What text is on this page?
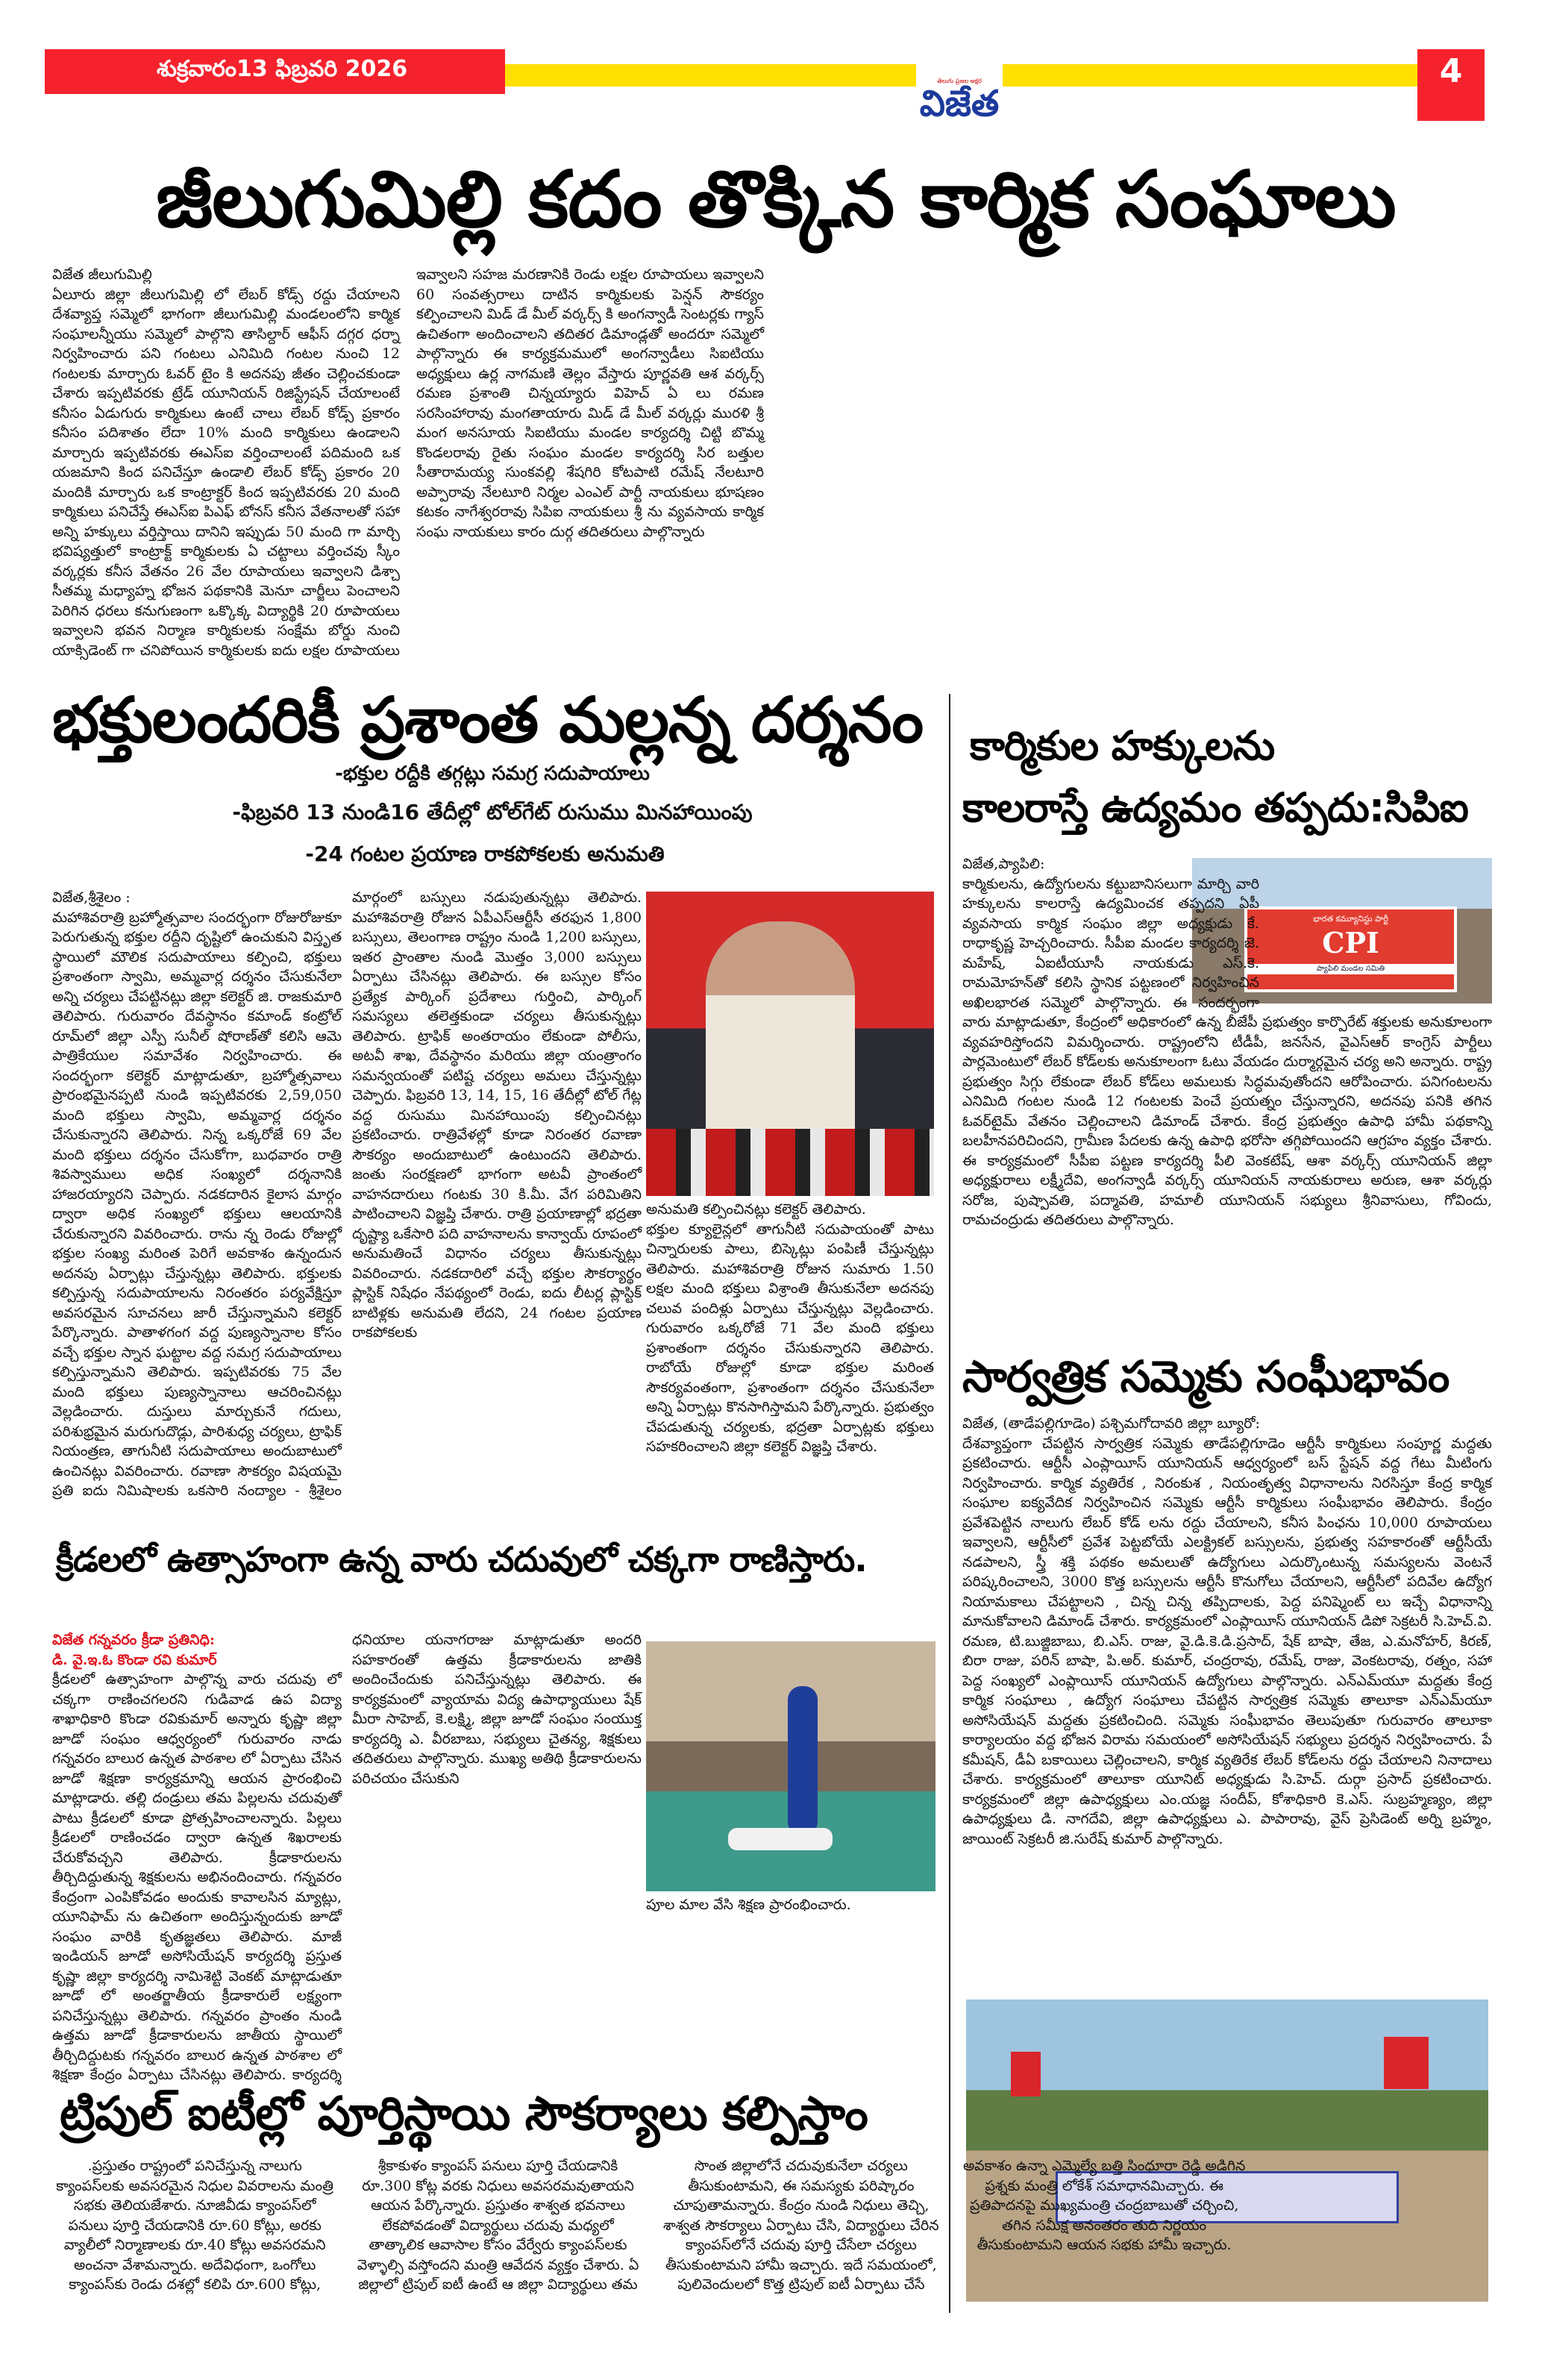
శుక్రవారం13 ఫిబ్రవరి 2026	తెలుగు ప్రజల అక్షర
విజేత
4
జీలుగుమిల్లి కదం తొక్కిన కార్మిక సంఘాలు
విజేత జీలుగుమిల్లి

ఏలూరు జిల్లా జీలుగుమిల్లి లో లేబర్ కోడ్స్ రద్దు చేయాలని దేశవ్యాప్త సమ్మెలో భాగంగా జీలుగుమిల్లి మండలంలోని కార్మిక సంఘాలన్నీయు సమ్మెలో పాల్గొని తాసిల్దార్ ఆఫీస్ దగ్గర ధర్నా నిర్వహించారు పని గంటలు ఎనిమిది గంటల నుంచి 12 గంటలకు మార్చారు ఓవర్ టైం కి అదనపు జీతం చెల్లించకుండా చేశారు ఇప్పటివరకు ట్రేడ్ యూనియన్ రిజిస్ట్రేషన్ చేయాలంటే కనీసం ఏడుగురు కార్మికులు ఉంటే చాలు లేబర్ కోడ్స్ ప్రకారం కనీసం పదిశాతం లేదా 10% మంది కార్మికులు ఉండాలని మార్చారు ఇప్పటివరకు ఈఎస్ఐ వర్తించాలంటే పదిమంది ఒక యజమాని కింద పనిచేస్తూ ఉండాలి లేబర్ కోడ్స్ ప్రకారం 20 మందికి మార్చారు ఒక కాంట్రాక్టర్ కింద ఇప్పటివరకు 20 మంది కార్మికులు పనిచేస్తే ఈఎస్ఐ పిఎఫ్ బోనస్ కనీస వేతనాలతో సహా అన్ని హక్కులు వర్తిస్తాయి దానిని ఇప్పుడు 50 మంది గా మార్చి భవిష్యత్తులో కాంట్రాక్ట్ కార్మికులకు ఏ చట్టాలు వర్తించవు స్కీం వర్కర్లకు కనీస వేతనం 26 వేల రూపాయలు ఇవ్వాలని డిశ్చా సీతమ్మ మధ్యాహ్న భోజన పథకానికి మెనూ చార్జీలు పెంచాలని పెరిగిన ధరలు కనుగుణంగా ఒక్కొక్క విద్యార్థికి 20 రూపాయలు ఇవ్వాలని భవన నిర్మాణ కార్మికులకు సంక్షేమ బోర్డు నుంచి యాక్సిడెంట్ గా చనిపోయిన కార్మికులకు ఐదు లక్షల రూపాయలు ఇవ్వాలని సహజ మరణానికి రెండు లక్షల రూపాయలు ఇవ్వాలని 60 సంవత్సరాలు దాటిన కార్మికులకు పెన్షన్ సౌకర్యం కల్పించాలని మిడ్ డే మీల్ వర్కర్స్ కి అంగన్వాడీ సెంటర్లకు గ్యాస్ ఉచితంగా అందించాలని తదితర డిమాండ్లతో అందరూ సమ్మెలో పాల్గొన్నారు ఈ కార్యక్రమములో అంగన్వాడీలు సిఐటియు అధ్యక్షులు ఉర్ల నాగమణి తెల్లం వేస్తారు పూర్ణవతి ఆశ వర్కర్స్ రమణ ప్రశాంతి చిన్నయ్యారు విహెచ్ ఏ లు రమణ సరసింహారావు మంగతాయారు మిడ్ డే మీల్ వర్కర్లు మురళి శ్రీ మంగ అనసూయ సిఐటియు మండల కార్యదర్శి చిట్టి బొమ్మ కొండలరావు రైతు సంఘం మండల కార్యదర్శి సిర బత్తుల సీతారామయ్య సుంకవల్లి శేషగిరి కోటపాటి రమేష్ నేలటూరి అప్పారావు నేలటూరి నిర్మల ఎంఎల్ పార్టీ నాయకులు భూషణం కటకం నాగేశ్వరరావు సిపిఐ నాయకులు శ్రీ ను వ్యవసాయ కార్మిక సంఘ నాయకులు కారం దుర్గ తదితరులు పాల్గొన్నారు

భక్తులందరికీ ప్రశాంత మల్లన్న దర్శనం
-భక్తుల రద్దీకి తగ్గట్లు సమగ్ర సదుపాయాలు
-ఫిబ్రవరి 13 నుండి16 తేదీల్లో టోల్‌గేట్ రుసుము మినహాయింపు
-24 గంటల ప్రయాణ రాకపోకలకు అనుమతి
విజేత,శ్రీశైలం :

మహాశివరాత్రి బ్రహ్మోత్సవాల సందర్భంగా రోజురోజుకూ పెరుగుతున్న భక్తుల రద్దీని దృష్టిలో ఉంచుకుని విస్తృత స్థాయిలో మౌలిక సదుపాయాలు కల్పించి, భక్తులు ప్రశాంతంగా స్వామి, అమ్మవార్ల దర్శనం చేసుకునేలా అన్ని చర్యలు చేపట్టినట్లు జిల్లా కలెక్టర్ జి. రాజకుమారి తెలిపారు. గురువారం దేవస్థానం కమాండ్ కంట్రోల్ రూమ్‌లో జిల్లా ఎస్పీ సునీల్ షోరాణ్‌తో కలిసి ఆమె పాత్రికేయుల సమావేశం నిర్వహించారు. ఈ సందర్భంగా కలెక్టర్ మాట్లాడుతూ, బ్రహ్మోత్సవాలు ప్రారంభమైనప్పటి నుండి ఇప్పటివరకు 2,59,050 మంది భక్తులు స్వామి, అమ్మవార్ల దర్శనం చేసుకున్నారని తెలిపారు. నిన్న ఒక్కరోజే 69 వేల మంది భక్తులు దర్శనం చేసుకోగా, బుధవారం రాత్రి శివస్వాములు అధిక సంఖ్యలో దర్శనానికి హాజరయ్యారని చెప్పారు. నడకదారిన కైలాస మార్గం ద్వారా అధిక సంఖ్యలో భక్తులు ఆలయానికి చేరుకున్నారని వివరించారు. రాను న్న రెండు రోజుల్లో భక్తుల సంఖ్య మరింత పెరిగే అవకాశం ఉన్నందున అదనపు ఏర్పాట్లు చేస్తున్నట్లు తెలిపారు. భక్తులకు కల్పిస్తున్న సదుపాయాలను నిరంతరం పర్యవేక్షిస్తూ అవసరమైన సూచనలు జారీ చేస్తున్నామని కలెక్టర్ పేర్కొన్నారు. పాతాళగంగ వద్ద పుణ్యస్నానాల కోసం వచ్చే భక్తుల స్నాన ఘట్టాల వద్ద సమగ్ర సదుపాయాలు కల్పిస్తున్నామని తెలిపారు. ఇప్పటివరకు 75 వేల మంది భక్తులు పుణ్యస్నానాలు ఆచరించినట్లు వెల్లడించారు. దుస్తులు మార్చుకునే గదులు, పరిశుభ్రమైన మరుగుదొడ్లు, పారిశుధ్య చర్యలు, ట్రాఫిక్ నియంత్రణ, తాగునీటి సదుపాయాలు అందుబాటులో ఉంచినట్లు వివరించారు. రవాణా సౌకర్యం విషయమై ప్రతి ఐదు నిమిషాలకు ఒకసారి నంద్యాల - శ్రీశైలం మార్గంలో బస్సులు నడుపుతున్నట్లు తెలిపారు. మహాశివరాత్రి రోజున ఏపీఎస్ఆర్టీసీ తరఫున 1,800 బస్సులు, తెలంగాణ రాష్ట్రం నుండి 1,200 బస్సులు, ఇతర ప్రాంతాల నుండి మొత్తం 3,000 బస్సులు ఏర్పాటు చేసినట్లు తెలిపారు. ఈ బస్సుల కోసం ప్రత్యేక పార్కింగ్ ప్రదేశాలు గుర్తించి, పార్కింగ్ సమస్యలు తలెత్తకుండా చర్యలు తీసుకున్నట్లు తెలిపారు. ట్రాఫిక్ అంతరాయం లేకుండా పోలీసు, అటవీ శాఖ, దేవస్థానం మరియు జిల్లా యంత్రాంగం సమన్వయంతో పటిష్ట చర్యలు అమలు చేస్తున్నట్లు చెప్పారు. ఫిబ్రవరి 13, 14, 15, 16 తేదీల్లో టోల్ గేట్ల వద్ద రుసుము మినహాయింపు కల్పించినట్లు ప్రకటించారు. రాత్రివేళల్లో కూడా నిరంతర రవాణా సౌకర్యం అందుబాటులో ఉంటుందని తెలిపారు. జంతు సంరక్షణలో భాగంగా అటవీ ప్రాంతంలో వాహనదారులు గంటకు 30 కి.మీ. వేగ పరిమితిని పాటించాలని విజ్ఞప్తి చేశారు. రాత్రి ప్రయాణాల్లో భద్రతా దృష్ట్యా ఒకేసారి పది వాహనాలను కాన్వాయ్ రూపంలో అనుమతించే విధానం చర్యలు తీసుకున్నట్లు వివరించారు. నడకదారిలో వచ్చే భక్తుల సౌకర్యార్థం ప్లాస్టిక్ నిషేధం నేపథ్యంలో రెండు, ఐదు లీటర్ల ప్లాస్టిక్ బాటిళ్లకు అనుమతి లేదని, 24 గంటల ప్రయాణ రాకపోకలకు

అనుమతి కల్పించినట్లు కలెక్టర్ తెలిపారు.

భక్తుల క్యూలైన్లలో తాగునీటి సదుపాయంతో పాటు చిన్నారులకు పాలు, బిస్కెట్లు పంపిణీ చేస్తున్నట్లు తెలిపారు. మహాశివరాత్రి రోజున సుమారు 1.50 లక్షల మంది భక్తులు విశ్రాంతి తీసుకునేలా అదనపు చలువ పందిళ్లు ఏర్పాటు చేస్తున్నట్లు వెల్లడించారు. గురువారం ఒక్కరోజే 71 వేల మంది భక్తులు ప్రశాంతంగా దర్శనం చేసుకున్నారని తెలిపారు. రాబోయే రోజుల్లో కూడా భక్తుల మరింత సౌకర్యవంతంగా, ప్రశాంతంగా దర్శనం చేసుకునేలా అన్ని ఏర్పాట్లు కొనసాగిస్తామని పేర్కొన్నారు. ప్రభుత్వం చేపడుతున్న చర్యలకు, భద్రతా ఏర్పాట్లకు భక్తులు సహకరించాలని జిల్లా కలెక్టర్ విజ్ఞప్తి చేశారు.

కార్మికుల హక్కులను
కాలరాస్తే ఉద్యమం తప్పదు:సిపిఐ
భారత కమ్యూనిస్టు పార్టీ
CPI
ప్యాపిలి మండల సమితి
విజేత,ప్యాపిలి:

కార్మికులను, ఉద్యోగులను కట్టుబానిసలుగా మార్చి వారి హక్కులను కాలరాస్తే ఉద్యమించక తప్పదని ఏపీ వ్యవసాయ కార్మిక సంఘం జిల్లా అధ్యక్షుడు కే. రాధాకృష్ణ హెచ్చరించారు. సీపీఐ మండల కార్యదర్శి జె. మహేష్, ఏఐటీయూసీ నాయకుడు ఎస్.కె. రామమోహన్‌తో కలిసి స్థానిక పట్టణంలో నిర్వహించిన అఖిలభారత సమ్మెలో పాల్గొన్నారు. ఈ సందర్భంగా వారు మాట్లాడుతూ, కేంద్రంలో అధికారంలో ఉన్న బీజేపీ ప్రభుత్వం కార్పొరేట్ శక్తులకు అనుకూలంగా వ్యవహరిస్తోందని విమర్శించారు. రాష్ట్రంలోని టీడీపీ, జనసేన, వైఎస్ఆర్ కాంగ్రెస్ పార్టీలు పార్లమెంటులో లేబర్ కోడ్‌లకు అనుకూలంగా ఓటు వేయడం దుర్మార్గమైన చర్య అని అన్నారు. రాష్ట్ర ప్రభుత్వం సిగ్గు లేకుండా లేబర్ కోడ్‌లు అమలుకు సిద్ధమవుతోందని ఆరోపించారు. పనిగంటలను ఎనిమిది గంటల నుండి 12 గంటలకు పెంచే ప్రయత్నం చేస్తున్నారని, అదనపు పనికి తగిన ఓవర్‌టైమ్ వేతనం చెల్లించాలని డిమాండ్ చేశారు. కేంద్ర ప్రభుత్వం ఉపాధి హామీ పథకాన్ని బలహీనపరిచిందని, గ్రామీణ పేదలకు ఉన్న ఉపాధి భరోసా తగ్గిపోయిందని ఆగ్రహం వ్యక్తం చేశారు. ఈ కార్యక్రమంలో సీపీఐ పట్టణ కార్యదర్శి పీలి వెంకటేష్, ఆశా వర్కర్స్ యూనియన్ జిల్లా అధ్యక్షురాలు లక్ష్మీదేవి, అంగన్వాడీ వర్కర్స్ యూనియన్ నాయకురాలు అరుణ, ఆశా వర్కర్లు సరోజ, పుష్పావతి, పద్మావతి, హమాలీ యూనియన్ సభ్యులు శ్రీనివాసులు, గోవిందు, రామచంద్రుడు తదితరులు పాల్గొన్నారు.

సార్వత్రిక సమ్మెకు సంఘీభావం
విజేత, (తాడేపల్లిగూడెం) పశ్చిమగోదావరి జిల్లా బ్యూరో:

దేశవ్యాప్తంగా చేపట్టిన సార్వత్రిక సమ్మెకు తాడేపల్లిగూడెం ఆర్టీసీ కార్మికులు సంపూర్ణ మద్దతు ప్రకటించారు. ఆర్టీసీ ఎంప్లాయీస్ యూనియన్ ఆధ్వర్యంలో బస్ స్టేషన్ వద్ద గేటు మీటింగు నిర్వహించారు. కార్మిక వ్యతిరేక , నిరంకుశ , నియంతృత్వ విధానాలను నిరసిస్తూ కేంద్ర కార్మిక సంఘాల ఐక్యవేదిక నిర్వహించిన సమ్మెకు ఆర్టీసీ కార్మికులు సంఘీభావం తెలిపారు. కేంద్రం ప్రవేశపెట్టిన నాలుగు లేబర్ కోడ్ లను రద్దు చేయాలని, కనీస పింఛను 10,000 రూపాయలు ఇవ్వాలని, ఆర్టీసీలో ప్రవేశ పెట్టబోయే ఎలక్ట్రికల్ బస్సులను, ప్రభుత్వ సహకారంతో ఆర్టీసీయే నడపాలని, స్త్రీ శక్తి పథకం అమలుతో ఉద్యోగులు ఎదుర్కొంటున్న సమస్యలను వెంటనే పరిష్కరించాలని, 3000 కొత్త బస్సులను ఆర్టీసీ కొనుగోలు చేయాలని, ఆర్టీసీలో పదివేల ఉద్యోగ నియామకాలు చేపట్టాలని , చిన్న చిన్న తప్పిదాలకు, పెద్ద పనిష్మెంట్ లు ఇచ్చే విధానాన్ని మానుకోవాలని డిమాండ్ చేశారు. కార్యక్రమంలో ఎంప్లాయీస్ యూనియన్ డిపో సెక్రటరీ సి.హెచ్.వి. రమణ, టి.బుజ్జిబాబు, బి.ఎస్. రాజు, వై.డి.కె.డి.ప్రసాద్, షేక్ బాషా, తేజ, ఎ.మనోహర్, కిరణ్, బిరా రాజు, పరిన్ బాషా, పి.అర్. కుమార్, చంద్రరావు, రమేష్, రాజు, వెంకటరావు, రత్నం, సహా పెద్ద సంఖ్యలో ఎంప్లాయీస్ యూనియన్ ఉద్యోగులు పాల్గొన్నారు. ఎన్ఎమ్‌యూ మద్దతు కేంద్ర కార్మిక సంఘాలు , ఉద్యోగ సంఘాలు చేపట్టిన సార్వత్రిక సమ్మెకు తాలూకా ఎన్ఎమ్‌యూ అసోసియేషన్ మద్దతు ప్రకటించింది. సమ్మెకు సంఘీభావం తెలుపుతూ గురువారం తాలూకా కార్యాలయం వద్ద భోజన విరామ సమయంలో అసోసియేషన్ సభ్యులు ప్రదర్శన నిర్వహించారు. పే కమీషన్, డీఏ బకాయిలు చెల్లించాలని, కార్మిక వ్యతిరేక లేబర్ కోడ్‌లను రద్దు చేయాలని నినాదాలు చేశారు. కార్యక్రమంలో తాలూకా యూనిట్ అధ్యక్షుడు సి.హెచ్. దుర్గా ప్రసాద్ ప్రకటించారు. కార్యక్రమంలో జిల్లా ఉపాధ్యక్షులు ఎం.యజ్ఞ సందీప్, కోశాధికారి కె.ఎస్. సుబ్రహ్మణ్యం, జిల్లా ఉపాధ్యక్షులు డి. నాగదేవి, జిల్లా ఉపాధ్యక్షులు ఎ. పాపారావు, వైస్ ప్రెసిడెంట్ అర్ని బ్రహ్మం, జాయింట్ సెక్రటరీ జి.సురేష్ కుమార్ పాల్గొన్నారు.

క్రీడలలో ఉత్సాహంగా ఉన్న వారు చదువులో చక్కగా రాణిస్తారు.
విజేత గన్నవరం క్రీడా ప్రతినిధి:
డి. వై.ఇ.ఓ కొండా రవి కుమార్

క్రీడలలో ఉత్సాహంగా పాల్గొన్న వారు చదువు లో చక్కగా రాణించగలరని గుడివాడ ఉప విద్యా శాఖాధికారి కొండా రవికుమార్ అన్నారు కృష్ణా జిల్లా జూడో సంఘం ఆధ్వర్యంలో గురువారం నాడు గన్నవరం బాలుర ఉన్నత పాఠశాల లో ఏర్పాటు చేసిన జూడో శిక్షణా కార్యక్రమాన్ని ఆయన ప్రారంభించి మాట్లాడారు. తల్లి దండ్రులు తమ పిల్లలను చదువుతో పాటు క్రీడలలో కూడా ప్రోత్సహించాలన్నారు. పిల్లలు క్రీడలలో రాణించడం ద్వారా ఉన్నత శిఖరాలకు చేరుకోవచ్చని తెలిపారు. క్రీడాకారులను తీర్చిదిద్దుతున్న శిక్షకులను అభినందించారు. గన్నవరం కేంద్రంగా ఎంపికోవడం అందుకు కావాలసిన మ్యాట్లు, యూనిఫామ్ ను ఉచితంగా అందిస్తున్నందుకు జూడో సంఘం వారికి కృతజ్ఞతలు తెలిపారు. మాజీ ఇండియన్ జూడో అసోసియేషన్ కార్యదర్శి ప్రస్తుత కృష్ణా జిల్లా కార్యదర్శి నామిశెట్టి వెంకట్ మాట్లాడుతూ జూడో లో అంతర్జాతీయ క్రీడాకారులే లక్ష్యంగా పనిచేస్తున్నట్లు తెలిపారు. గన్నవరం ప్రాంతం నుండి ఉత్తమ జూడో క్రీడాకారులను జాతీయ స్థాయిలో తీర్చిదిద్దుటకు గన్నవరం బాలుర ఉన్నత పాఠశాల లో శిక్షణా కేంద్రం ఏర్పాటు చేసినట్లు తెలిపారు. కార్యదర్శి ధనియాల యనాగరాజు మాట్లాడుతూ అందరి సహకారంతో ఉత్తమ క్రీడాకారులను జాతికి అందించేందుకు పనిచేస్తున్నట్లు తెలిపారు. ఈ కార్యక్రమంలో వ్యాయామ విద్య ఉపాధ్యాయులు షేక్ మీరా సాహెబ్, కె.లక్ష్మి, జిల్లా జూడో సంఘం సంయుక్త కార్యదర్శి ఎ. వీరబాబు, సభ్యులు చైతన్య, శిక్షకులు తదితరులు పాల్గొన్నారు. ముఖ్య అతిథి క్రీడాకారులను పరిచయం చేసుకుని

పూల మాల వేసి శిక్షణ ప్రారంభించారు.

ట్రిపుల్ ఐటీల్లో పూర్తిస్థాయి సౌకర్యాలు కల్పిస్తాం

.ప్రస్తుతం రాష్ట్రంలో పనిచేస్తున్న నాలుగు క్యాంపస్‌లకు అవసరమైన నిధుల వివరాలను మంత్రి సభకు తెలియజేశారు. నూజివీడు క్యాంపస్‌లో పనులు పూర్తి చేయడానికి రూ.60 కోట్లు, అరకు వ్యాలీలో నిర్మాణాలకు రూ.40 కోట్లు అవసరమని అంచనా వేశామన్నారు. అదేవిధంగా, ఒంగోలు క్యాంపస్‌కు రెండు దశల్లో కలిపి రూ.600 కోట్లు, శ్రీకాకుళం క్యాంపస్ పనులు పూర్తి చేయడానికి రూ.300 కోట్ల వరకు నిధులు అవసరమవుతాయని ఆయన పేర్కొన్నారు. ప్రస్తుతం శాశ్వత భవనాలు లేకపోవడంతో విద్యార్థులు చదువు మధ్యలో తాత్కాలిక ఆవాసాల కోసం వేర్వేరు క్యాంపస్‌లకు వెళ్ళాల్సి వస్తోందని మంత్రి ఆవేదన వ్యక్తం చేశారు. ఏ జిల్లాలో ట్రిపుల్ ఐటీ ఉంటే ఆ జిల్లా విద్యార్థులు తమ సొంత జిల్లాలోనే చదువుకునేలా చర్యలు తీసుకుంటామని, ఈ సమస్యకు పరిష్కారం చూపుతామన్నారు. కేంద్రం నుండి నిధులు తెచ్చి, శాశ్వత సౌకర్యాలు ఏర్పాటు చేసి, విద్యార్థులు చేరిన క్యాంపస్‌లోనే చదువు పూర్తి చేసేలా చర్యలు తీసుకుంటామని హామీ ఇచ్చారు. ఇదే సమయంలో, పులివెందులలో కొత్త ట్రిపుల్ ఐటీ ఏర్పాటు చేసే అవకాశం ఉన్నా ఎమ్మెల్యే బత్తి సింధూరా రెడ్డి అడిగిన ప్రశ్నకు మంత్రి లోకేశ్ సమాధానమిచ్చారు. ఈ ప్రతిపాదనపై ముఖ్యమంత్రి చంద్రబాబుతో చర్చించి, తగిన సమీక్ష అనంతరం తుది నిర్ణయం తీసుకుంటామని ఆయన సభకు హామీ ఇచ్చారు.
